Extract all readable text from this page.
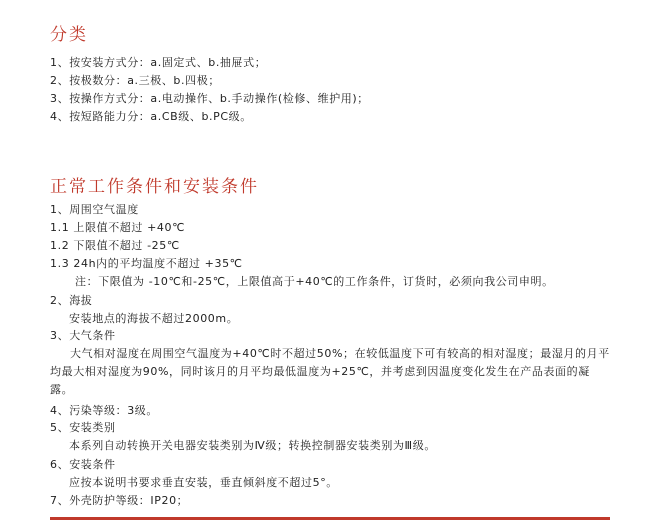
分类
1、按安装方式分：a.固定式、b.抽屉式；
2、按极数分：a.三极、b.四极；
3、按操作方式分：a.电动操作、b.手动操作(检修、维护用)；
4、按短路能力分：a.CB级、b.PC级。
正常工作条件和安装条件
1、周围空气温度
1.1 上限值不超过 +40℃
1.2 下限值不超过 -25℃
1.3 24h内的平均温度不超过 +35℃
注：下限值为 -10℃和-25℃，上限值高于+40℃的工作条件，订货时，必须向我公司申明。
2、海拔
安装地点的海拔不超过2000m。
3、大气条件
大气相对湿度在周围空气温度为+40℃时不超过50%；在较低温度下可有较高的相对湿度；最湿月的月平均最大相对湿度为90%，同时该月的月平均最低温度为+25℃，并考虑到因温度变化发生在产品表面的凝露。
4、污染等级：3级。
5、安装类别
本系列自动转换开关电器安装类别为Ⅳ级；转换控制器安装类别为Ⅲ级。
6、安装条件
应按本说明书要求垂直安装，垂直倾斜度不超过5°。
7、外壳防护等级：IP20；
